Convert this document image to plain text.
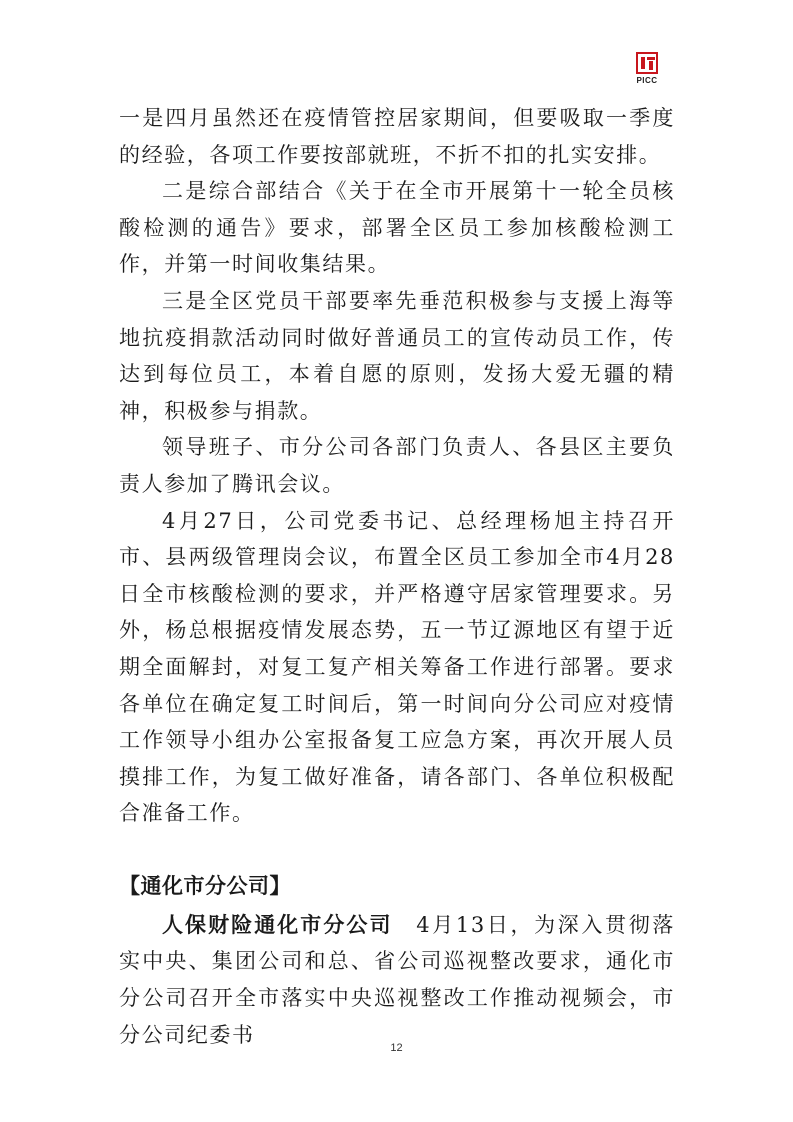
PICC

一是四月虽然还在疫情管控居家期间，但要吸取一季度的经验，各项工作要按部就班，不折不扣的扎实安排。

二是综合部结合《关于在全市开展第十一轮全员核酸检测的通告》要求，部署全区员工参加核酸检测工作，并第一时间收集结果。

三是全区党员干部要率先垂范积极参与支援上海等地抗疫捐款活动同时做好普通员工的宣传动员工作，传达到每位员工，本着自愿的原则，发扬大爱无疆的精神，积极参与捐款。

领导班子、市分公司各部门负责人、各县区主要负责人参加了腾讯会议。

4月27日，公司党委书记、总经理杨旭主持召开市、县两级管理岗会议，布置全区员工参加全市4月28日全市核酸检测的要求，并严格遵守居家管理要求。另外，杨总根据疫情发展态势，五一节辽源地区有望于近期全面解封，对复工复产相关筹备工作进行部署。要求各单位在确定复工时间后，第一时间向分公司应对疫情工作领导小组办公室报备复工应急方案，再次开展人员摸排工作，为复工做好准备，请各部门、各单位积极配合准备工作。

【通化市分公司】

人保财险通化市分公司　 4月13日，为深入贯彻落实中央、集团公司和总、省公司巡视整改要求，通化市分公司召开全市落实中央巡视整改工作推动视频会，市分公司纪委书

12
